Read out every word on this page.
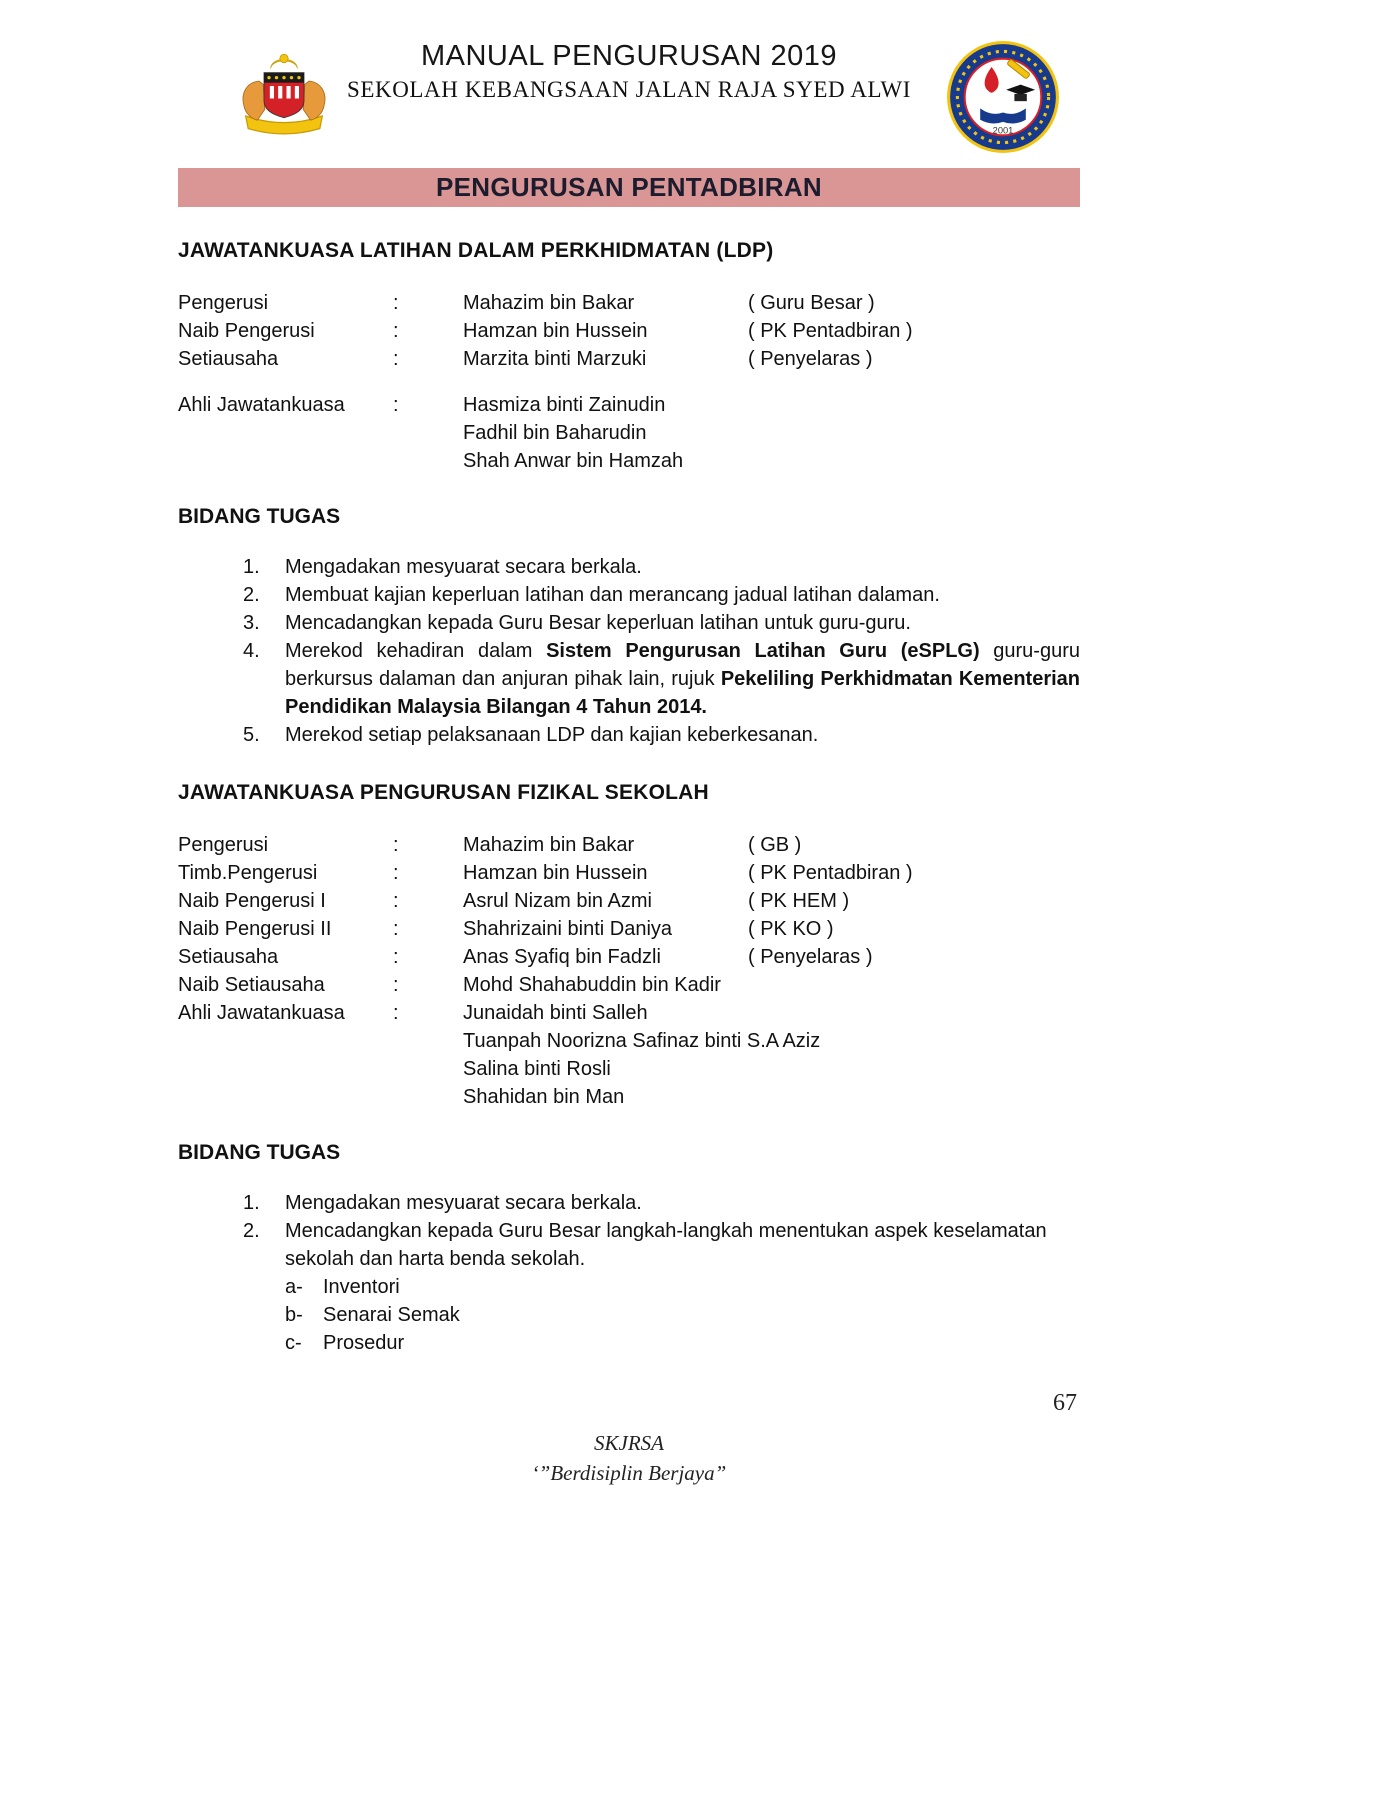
MANUAL PENGURUSAN 2019
SEKOLAH KEBANGSAAN JALAN RAJA SYED ALWI
2001
PENGURUSAN PENTADBIRAN
JAWATANKUASA LATIHAN DALAM PERKHIDMATAN (LDP)
Pengerusi	:	Mahazim bin Bakar	( Guru Besar )
Naib Pengerusi	:	Hamzan bin Hussein	( PK Pentadbiran )
Setiausaha	:	Marzita binti Marzuki	( Penyelaras )
Ahli Jawatankuasa	:	Hasmiza binti Zainudin
Fadhil bin Baharudin
Shah Anwar bin Hamzah
BIDANG TUGAS
1.	Mengadakan mesyuarat secara berkala.
2.	Membuat kajian keperluan latihan dan merancang jadual latihan dalaman.
3.	Mencadangkan kepada Guru Besar keperluan latihan untuk guru-guru.
4.	Merekod kehadiran dalam Sistem Pengurusan Latihan Guru (eSPLG) guru-guru berkursus dalaman dan anjuran pihak lain, rujuk Pekeliling Perkhidmatan Kementerian Pendidikan Malaysia Bilangan 4 Tahun 2014.
5.	Merekod setiap pelaksanaan LDP dan kajian keberkesanan.
JAWATANKUASA PENGURUSAN FIZIKAL SEKOLAH
Pengerusi	:	Mahazim bin Bakar	( GB )
Timb.Pengerusi	:	Hamzan bin Hussein	( PK Pentadbiran )
Naib Pengerusi I	:	Asrul Nizam bin Azmi	( PK HEM )
Naib Pengerusi II	:	Shahrizaini binti Daniya	( PK KO )
Setiausaha	:	Anas Syafiq bin Fadzli	( Penyelaras )
Naib Setiausaha	:	Mohd Shahabuddin bin Kadir
Ahli Jawatankuasa	:	Junaidah binti Salleh
Tuanpah Noorizna Safinaz binti S.A Aziz
Salina binti Rosli
Shahidan bin Man
BIDANG TUGAS
1.	Mengadakan mesyuarat secara berkala.
2.	Mencadangkan kepada Guru Besar langkah-langkah menentukan aspek keselamatan sekolah dan harta benda sekolah.
a-	Inventori
b-	Senarai Semak
c-	Prosedur
67
SKJRSA
‘”Berdisiplin Berjaya”
